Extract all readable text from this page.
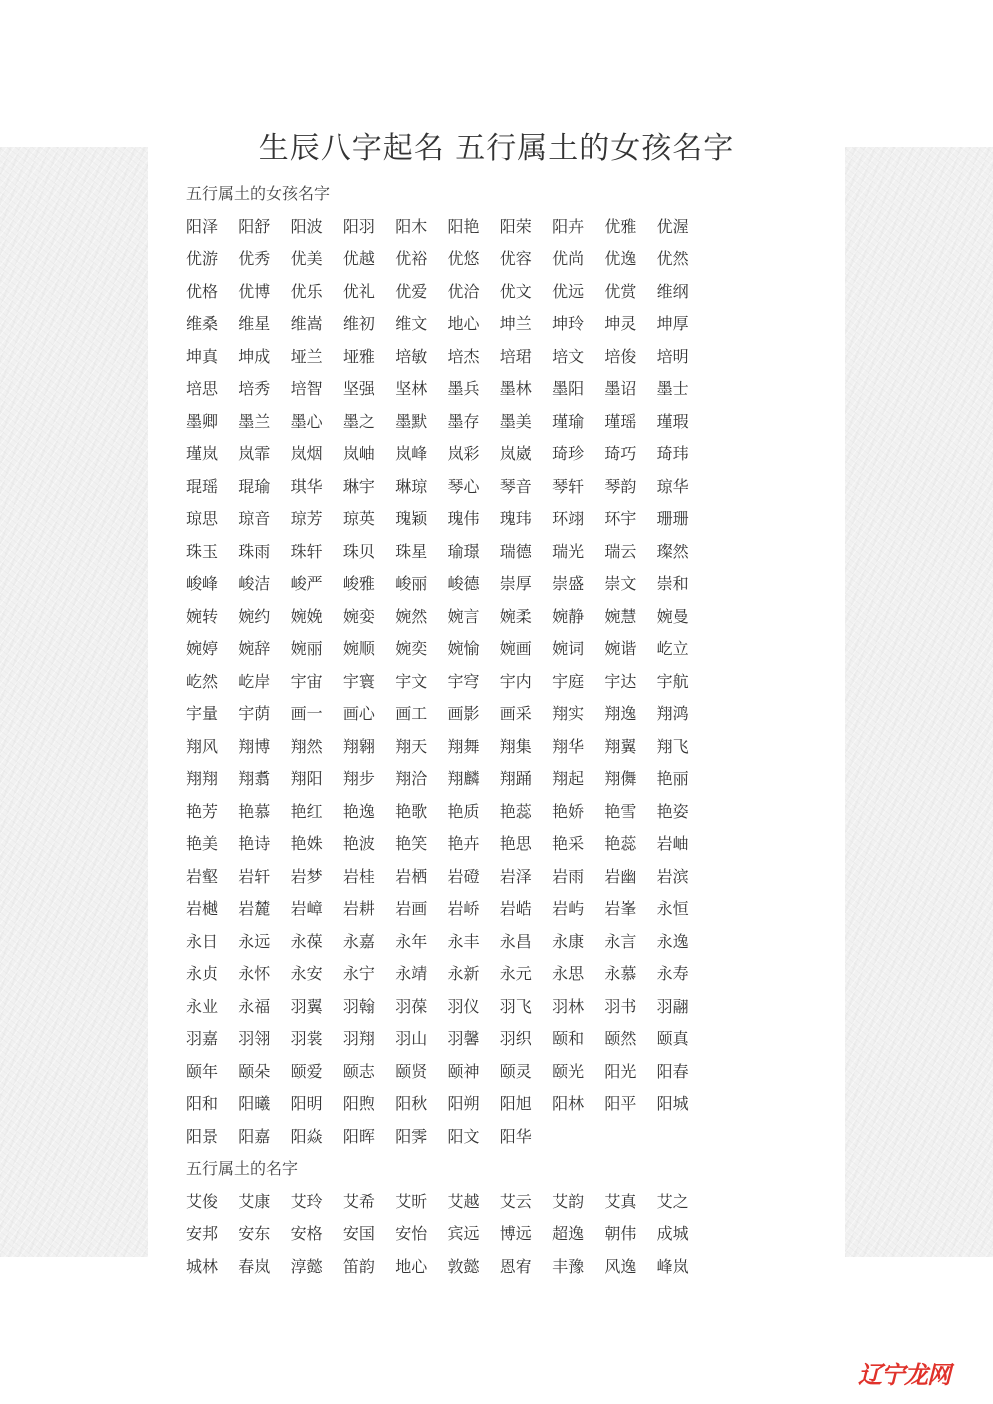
生辰八字起名 五行属土的女孩名字
五行属土的女孩名字
阳泽	阳舒	阳波	阳羽	阳木	阳艳	阳荣	阳卉	优雅	优渥
优游	优秀	优美	优越	优裕	优悠	优容	优尚	优逸	优然
优格	优博	优乐	优礼	优爱	优洽	优文	优远	优赏	维纲
维桑	维星	维嵩	维初	维文	地心	坤兰	坤玲	坤灵	坤厚
坤真	坤成	垭兰	垭雅	培敏	培杰	培珺	培文	培俊	培明
培思	培秀	培智	坚强	坚林	墨兵	墨林	墨阳	墨诏	墨士
墨卿	墨兰	墨心	墨之	墨默	墨存	墨美	瑾瑜	瑾瑶	瑾瑕
瑾岚	岚霏	岚烟	岚岫	岚峰	岚彩	岚崴	琦珍	琦巧	琦玮
琨瑶	琨瑜	琪华	琳宇	琳琼	琴心	琴音	琴轩	琴韵	琼华
琼思	琼音	琼芳	琼英	瑰颖	瑰伟	瑰玮	环翊	环宇	珊珊
珠玉	珠雨	珠轩	珠贝	珠星	瑜璟	瑞德	瑞光	瑞云	璨然
峻峰	峻洁	峻严	峻雅	峻丽	峻德	崇厚	崇盛	崇文	崇和
婉转	婉约	婉娩	婉娈	婉然	婉言	婉柔	婉静	婉慧	婉曼
婉婷	婉辞	婉丽	婉顺	婉奕	婉愉	婉画	婉词	婉谐	屹立
屹然	屹岸	宇宙	宇寰	宇文	宇穹	宇内	宇庭	宇达	宇航
宇量	宇荫	画一	画心	画工	画影	画采	翔实	翔逸	翔鸿
翔风	翔博	翔然	翔翱	翔天	翔舞	翔集	翔华	翔翼	翔飞
翔翔	翔翥	翔阳	翔步	翔洽	翔麟	翔踊	翔起	翔儛	艳丽
艳芳	艳慕	艳红	艳逸	艳歌	艳质	艳蕊	艳娇	艳雪	艳姿
艳美	艳诗	艳姝	艳波	艳笑	艳卉	艳思	艳采	艳蕊	岩岫
岩壑	岩轩	岩梦	岩桂	岩栖	岩磴	岩泽	岩雨	岩幽	岩滨
岩樾	岩麓	岩嶂	岩耕	岩画	岩峤	岩峼	岩屿	岩峯	永恒
永日	永远	永葆	永嘉	永年	永丰	永昌	永康	永言	永逸
永贞	永怀	永安	永宁	永靖	永新	永元	永思	永慕	永寿
永业	永福	羽翼	羽翰	羽葆	羽仪	羽飞	羽林	羽书	羽翮
羽嘉	羽翎	羽裳	羽翔	羽山	羽馨	羽织	颐和	颐然	颐真
颐年	颐朵	颐爱	颐志	颐贤	颐神	颐灵	颐光	阳光	阳春
阳和	阳曦	阳明	阳煦	阳秋	阳朔	阳旭	阳林	阳平	阳城
阳景	阳嘉	阳焱	阳晖	阳霁	阳文	阳华
五行属土的名字
艾俊	艾康	艾玲	艾希	艾昕	艾越	艾云	艾韵	艾真	艾之
安邦	安东	安格	安国	安怡	宾远	博远	超逸	朝伟	成城
城林	春岚	淳懿	笛韵	地心	敦懿	恩宥	丰豫	风逸	峰岚
辽宁龙网
